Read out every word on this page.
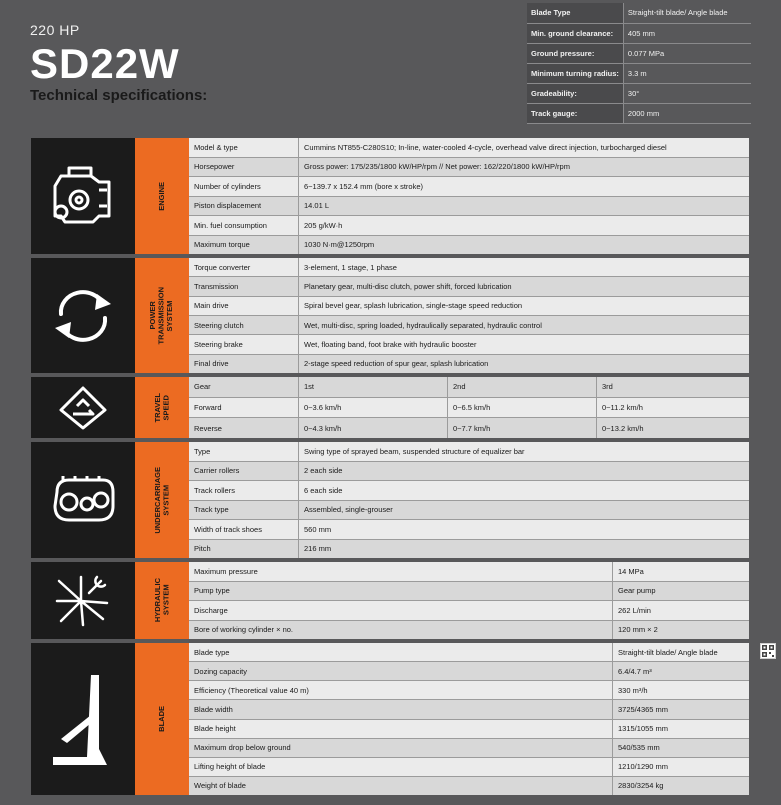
220 HP
SD22W
Technical specifications:
Blade Type	Straight-tilt blade/ Angle blade
Min. ground clearance:	405 mm
Ground pressure:	0.077 MPa
Minimum turning radius:	3.3 m
Gradeability:	30°
Track gauge:	2000 mm
ENGINE
Model & type	Cummins NT855-C280S10; In-line, water-cooled 4-cycle, overhead valve direct injection, turbocharged diesel
Horsepower	Gross power: 175/235/1800 kW/HP/rpm // Net power: 162/220/1800 kW/HP/rpm
Number of cylinders	6−139.7 x 152.4 mm (bore x stroke)
Piston displacement	14.01 L
Min. fuel consumption	205 g/kW·h
Maximum torque	1030 N·m@1250rpm
POWER
TRANSMISSION
SYSTEM
Torque converter	3-element, 1 stage, 1 phase
Transmission	Planetary gear, multi-disc clutch, power shift, forced lubrication
Main drive	Spiral bevel gear, splash lubrication, single-stage speed reduction
Steering clutch	Wet, multi-disc, spring loaded, hydraulically separated, hydraulic control
Steering brake	Wet, floating band, foot brake with hydraulic booster
Final drive	2-stage speed reduction of spur gear, splash lubrication
TRAVEL
SPEED
Gear	1st	2nd	3rd
Forward	0~3.6 km/h	0~6.5 km/h	0~11.2 km/h
Reverse	0~4.3 km/h	0~7.7 km/h	0~13.2 km/h
UNDERCARRIAGE
SYSTEM
Type	Swing type of sprayed beam, suspended structure of equalizer bar
Carrier rollers	2 each side
Track rollers	6 each side
Track type	Assembled, single-grouser
Width of track shoes	560 mm
Pitch	216 mm
HYDRAULIC
SYSTEM
Maximum pressure	14 MPa
Pump type	Gear pump
Discharge	262 L/min
Bore of working cylinder × no.	120 mm × 2
BLADE
Blade type	Straight-tilt blade/ Angle blade
Dozing capacity	6.4/4.7 m³
Efficiency (Theoretical value 40 m)	330 m³/h
Blade width	3725/4365 mm
Blade height	1315/1055 mm
Maximum drop below ground	540/535 mm
Lifting height of blade	1210/1290 mm
Weight of blade	2830/3254 kg
